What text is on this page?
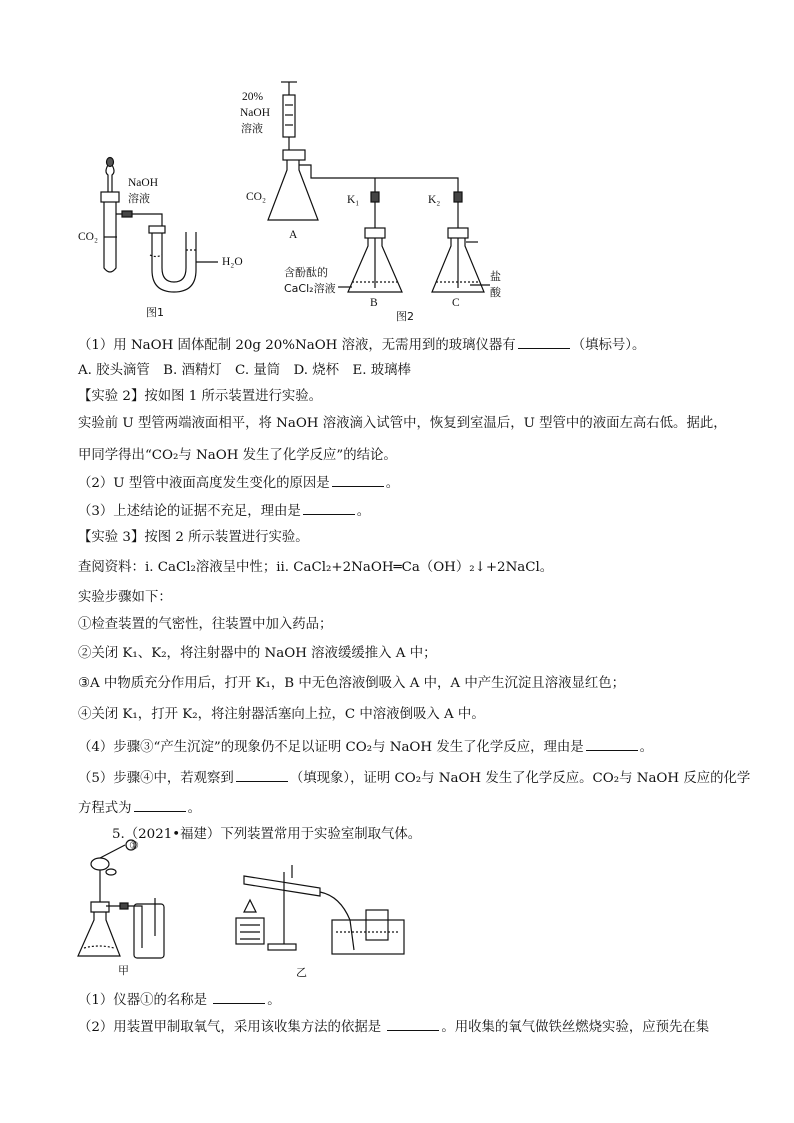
NaOH
溶液
CO₂
H₂O
图1
20%
NaOH
溶液
CO₂
A
K₁	K₂
含酚酞的
CaCl₂溶液
B	C
盐
酸
图2
（1）用 NaOH 固体配制 20g 20%NaOH 溶液，无需用到的玻璃仪器有	（填标号）。
A. 胶头滴管　B. 酒精灯　C. 量筒　D. 烧杯　E. 玻璃棒
【实验 2】按如图 1 所示装置进行实验。
实验前 U 型管两端液面相平，将 NaOH 溶液滴入试管中，恢复到室温后，U 型管中的液面左高右低。据此，
甲同学得出“CO₂与 NaOH 发生了化学反应”的结论。
（2）U 型管中液面高度发生变化的原因是	。
（3）上述结论的证据不充足，理由是	。
【实验 3】按图 2 所示装置进行实验。
查阅资料：i. CaCl₂溶液呈中性；ii. CaCl₂+2NaOH═Ca（OH）₂↓+2NaCl。
实验步骤如下：
①检查装置的气密性，往装置中加入药品；
②关闭 K₁、K₂，将注射器中的 NaOH 溶液缓缓推入 A 中；
③A 中物质充分作用后，打开 K₁，B 中无色溶液倒吸入 A 中，A 中产生沉淀且溶液显红色；
④关闭 K₁，打开 K₂，将注射器活塞向上拉，C 中溶液倒吸入 A 中。
（4）步骤③“产生沉淀”的现象仍不足以证明 CO₂与 NaOH 发生了化学反应，理由是	。
（5）步骤④中，若观察到	（填现象），证明 CO₂与 NaOH 发生了化学反应。CO₂与 NaOH 反应的化学
方程式为	。
5.（2021•福建）下列装置常用于实验室制取气体。
①
甲	乙
（1）仪器①的名称是	。
（2）用装置甲制取氧气，采用该收集方法的依据是	。用收集的氧气做铁丝燃烧实验，应预先在集
